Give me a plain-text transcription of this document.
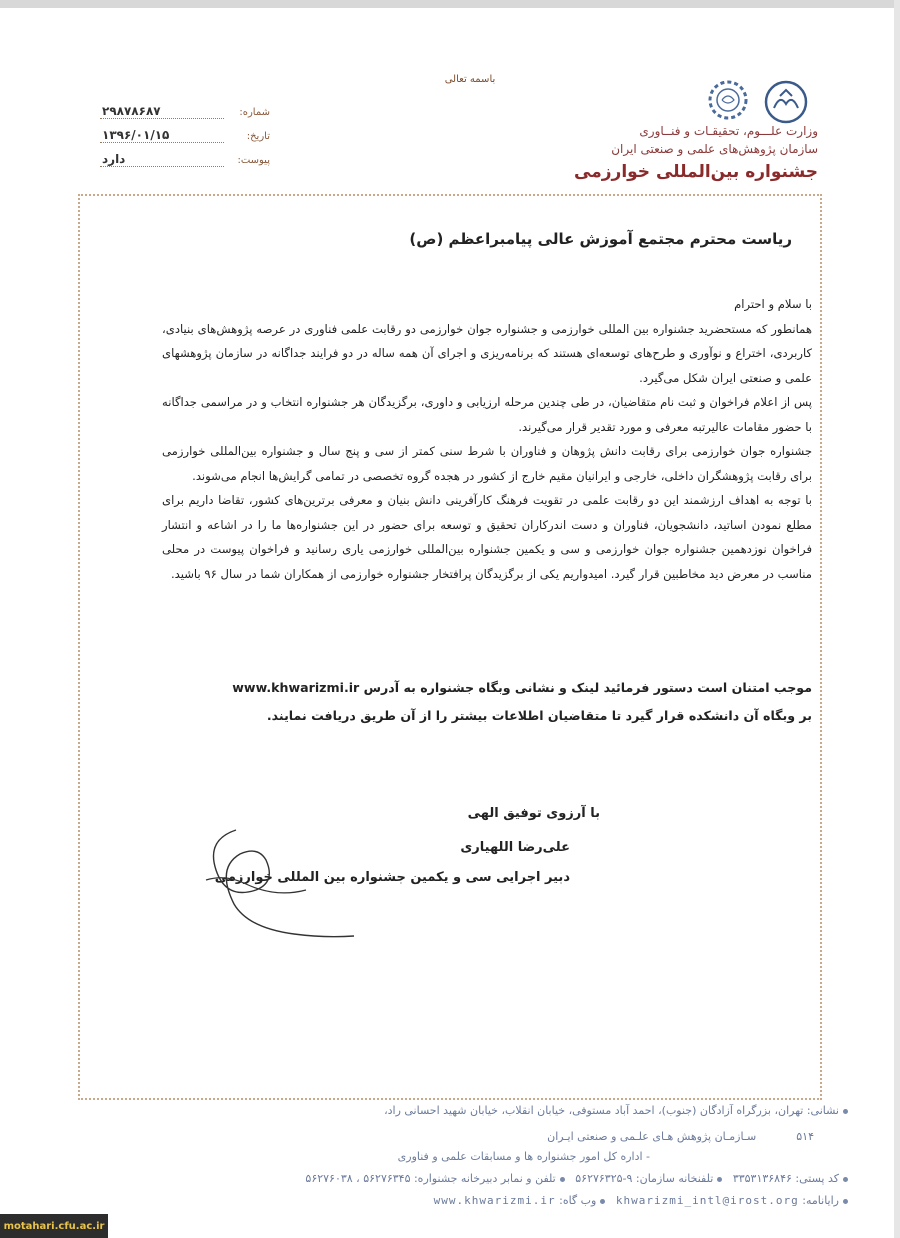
باسمه تعالی
وزارت علـــوم، تحقیقـات و فنــاوری
سازمان پژوهش‌های علمی و صنعتی ایران
جشنواره بین‌المللی خوارزمی
شماره:
۲۹۸۷۸۶۸۷
تاریخ:
۱۳۹۶/۰۱/۱۵
پیوست:
دارد
ریاست محترم مجتمع آموزش عالی پیامبراعظم (ص)

با سلام و احترام

همانطور که مستحضرید جشنواره بین المللی خوارزمی و جشنواره جوان خوارزمی دو رقابت علمی فناوری در عرصه پژوهش‌های بنیادی، کاربردی، اختراع و نوآوری و طرح‌های توسعه‌ای هستند که برنامه‌ریزی و اجرای آن همه ساله در دو فرایند جداگانه در سازمان پژوهشهای علمی و صنعتی ایران شکل می‌گیرد.

پس از اعلام فراخوان و ثبت نام متقاضیان، در طی چندین مرحله ارزیابی و داوری، برگزیدگان هر جشنواره انتخاب و در مراسمی جداگانه با حضور مقامات عالیرتبه معرفی و مورد تقدیر قرار می‌گیرند.

جشنواره جوان خوارزمی برای رقابت دانش پژوهان و فناوران با شرط سنی کمتر از سی و پنج سال و جشنواره بین‌المللی خوارزمی برای رقابت پژوهشگران داخلی، خارجی و ایرانیان مقیم خارج از کشور در هجده گروه تخصصی در تمامی گرایش‌ها انجام می‌شوند.

با توجه به اهداف ارزشمند این دو رقابت علمی در تقویت فرهنگ کارآفرینی دانش بنیان و معرفی برترین‌های کشور، تقاضا داریم برای مطلع نمودن اساتید، دانشجویان، فناوران و دست اندرکاران تحقیق و توسعه برای حضور در این جشنواره‌ها ما را در اشاعه و انتشار فراخوان نوزدهمین جشنواره جوان خوارزمی و سی و یکمین جشنواره بین‌المللی خوارزمی یاری رسانید و فراخوان پیوست در محلی مناسب در معرض دید مخاطبین قرار گیرد. امیدواریم یکی از برگزیدگان پرافتخار جشنواره خوارزمی از همکاران شما در سال ۹۶ باشید.

موجب امتنان است دستور فرمائید لینک و نشانی وبگاه جشنواره به آدرس www.khwarizmi.ir
بر وبگاه آن دانشکده قرار گیرد تا متقاضیان اطلاعات بیشتر را از آن طریق دریافت نمایند.
با آرزوی توفیق الهی
علی‌رضا اللهیاری
دبیر اجرایی سی و یکمین جشنواره بین المللی خوارزمی
نشانی: تهران، بزرگراه آزادگان (جنوب)، احمد آباد مستوفی، خیابان انقلاب، خیابان شهید احسانی راد،
۵۱۴سـازمـان پژوهش هـای علـمی و صنعتی ایـران
- اداره کل امور جشنواره ها و مسابقات علمی و فناوری
کد پستی: ۳۳۵۳۱۳۶۸۴۶   تلفنخانه سازمان: ۹-۵۶۲۷۶۳۲۵   تلفن و نمابر دبیرخانه جشنواره: ۵۶۲۷۶۳۴۵ ، ۵۶۲۷۶۰۳۸
رایانامه: khwarizmi_intl@irost.org   وب گاه: www.khwarizmi.ir
motahari.cfu.ac.ir
